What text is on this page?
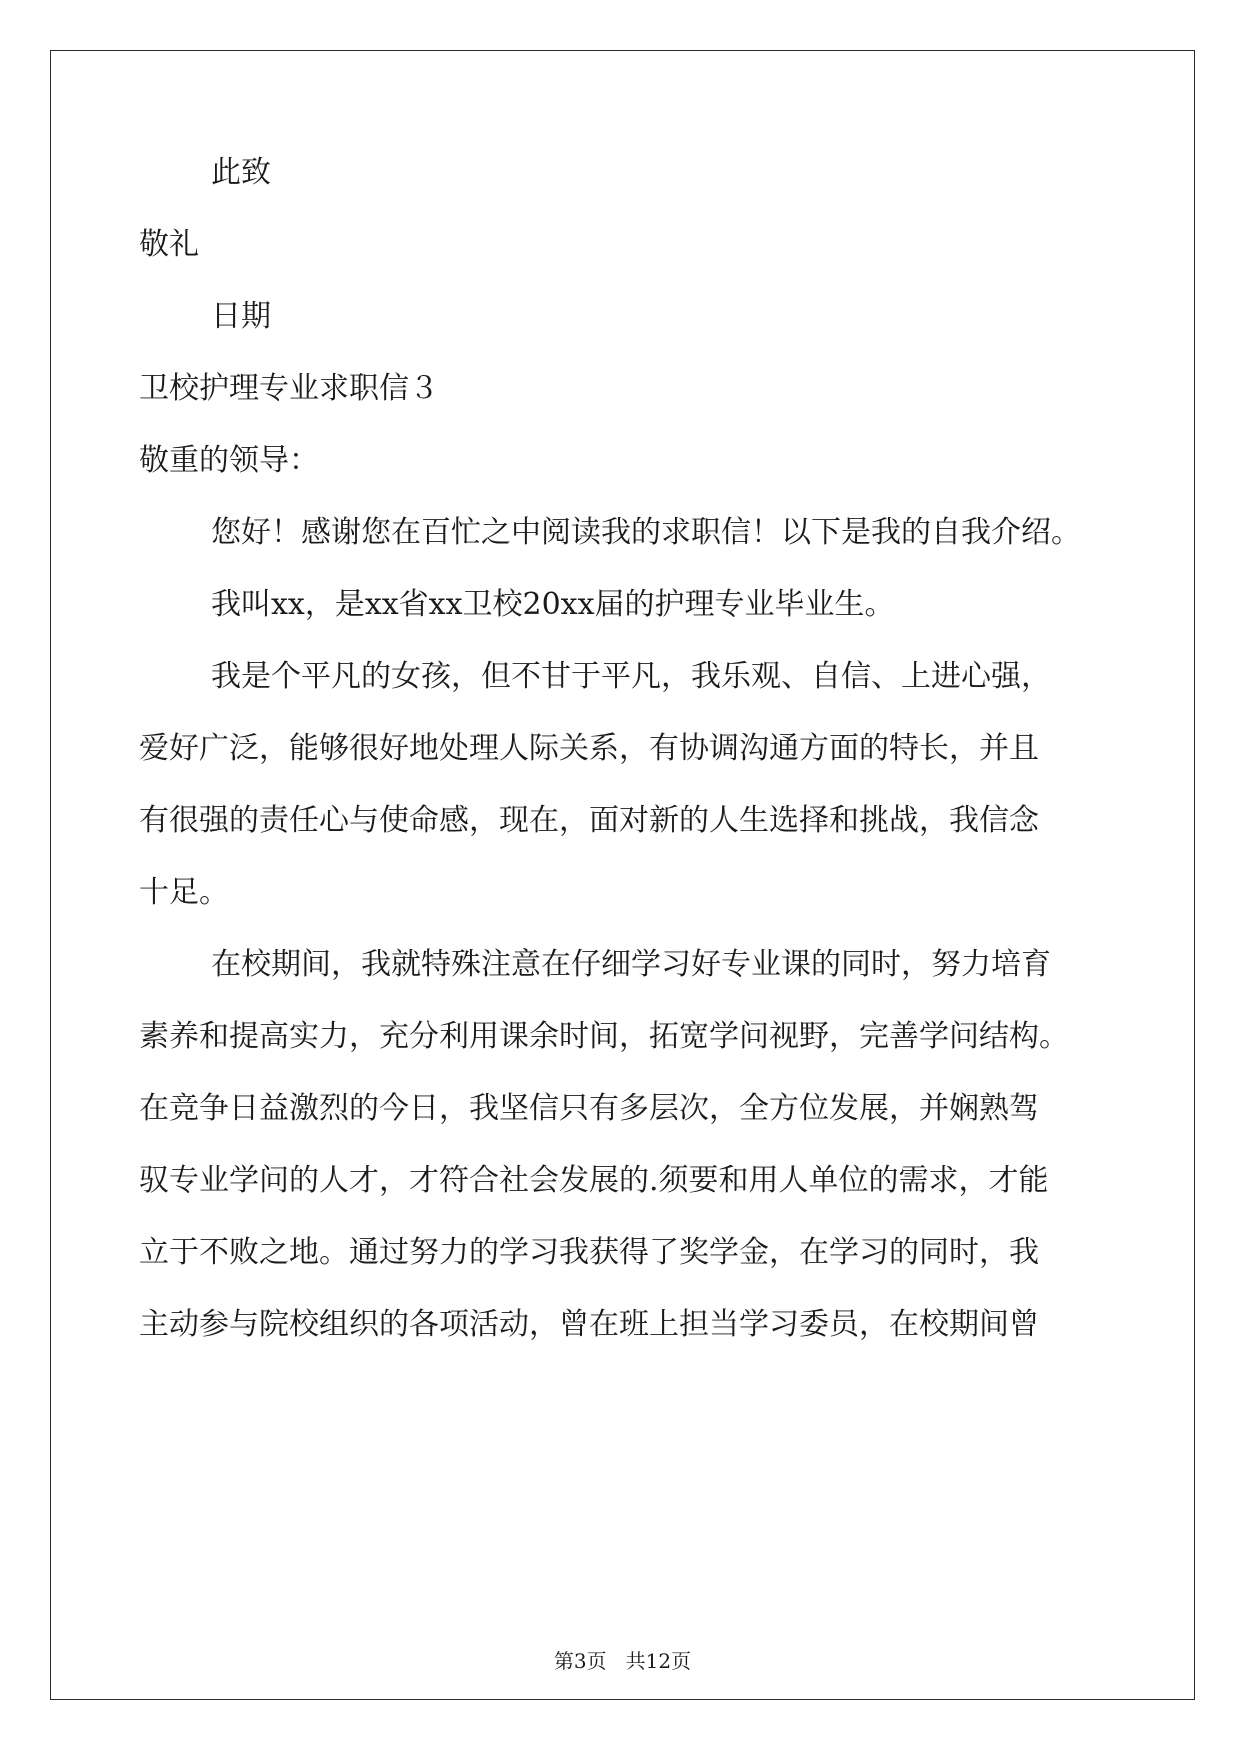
此致

敬礼

日期

卫校护理专业求职信３

敬重的领导：

您好！感谢您在百忙之中阅读我的求职信！以下是我的自我介绍。

我叫xx，是xx省xx卫校20xx届的护理专业毕业生。

我是个平凡的女孩，但不甘于平凡，我乐观、自信、上进心强，

爱好广泛，能够很好地处理人际关系，有协调沟通方面的特长，并且

有很强的责任心与使命感，现在，面对新的人生选择和挑战，我信念

十足。

在校期间，我就特殊注意在仔细学习好专业课的同时，努力培育

素养和提高实力，充分利用课余时间，拓宽学问视野，完善学问结构。

在竞争日益激烈的今日，我坚信只有多层次，全方位发展，并娴熟驾

驭专业学问的人才，才符合社会发展的.须要和用人单位的需求，才能

立于不败之地。通过努力的学习我获得了奖学金，在学习的同时，我

主动参与院校组织的各项活动，曾在班上担当学习委员，在校期间曾

第3页   共12页
